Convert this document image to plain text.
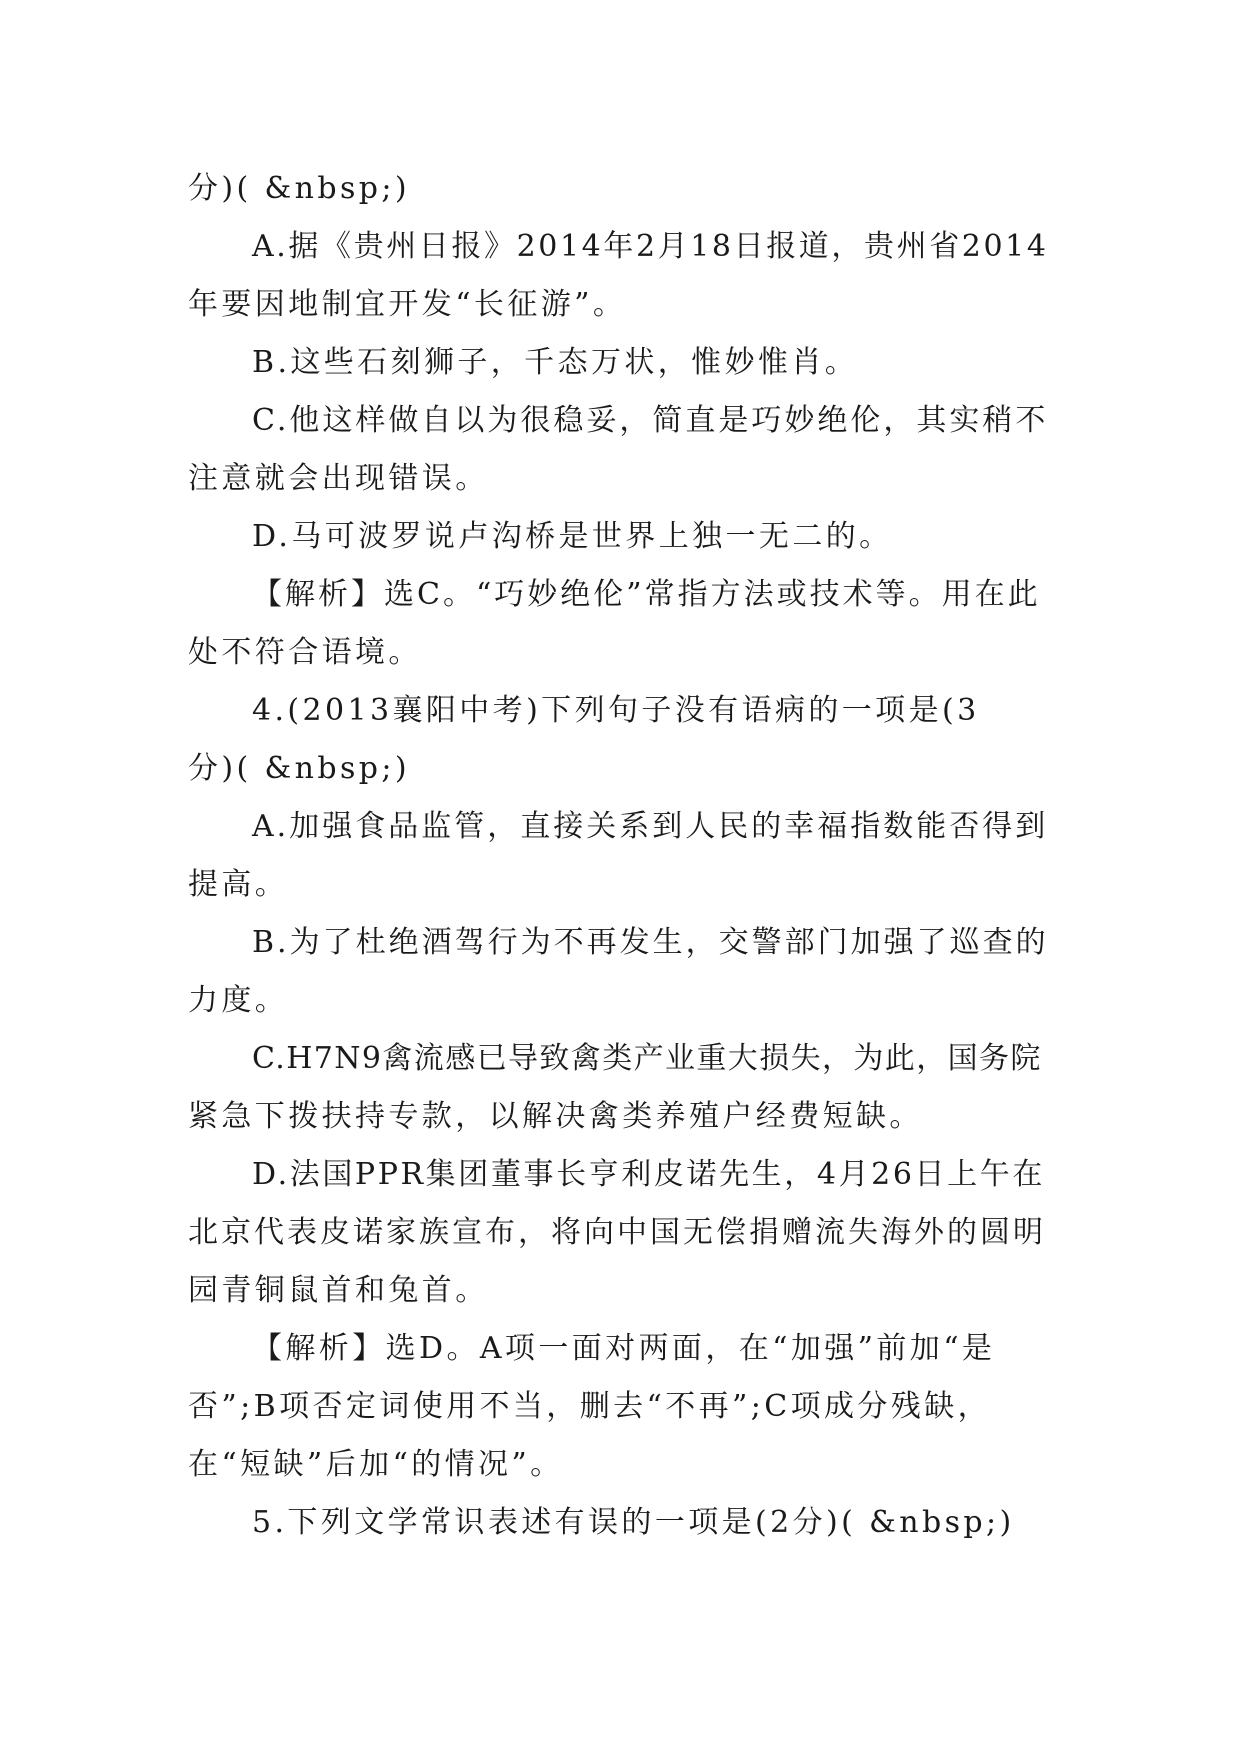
分)( &nbsp;)
A.据《贵州日报》2014年2月18日报道，贵州省2014
年要因地制宜开发“长征游”。
B.这些石刻狮子，千态万状，惟妙惟肖。
C.他这样做自以为很稳妥，简直是巧妙绝伦，其实稍不
注意就会出现错误。
D.马可波罗说卢沟桥是世界上独一无二的。
【解析】选C。“巧妙绝伦”常指方法或技术等。用在此
处不符合语境。
4.(2013襄阳中考)下列句子没有语病的一项是(3
分)( &nbsp;)
A.加强食品监管，直接关系到人民的幸福指数能否得到
提高。
B.为了杜绝酒驾行为不再发生，交警部门加强了巡查的
力度。
C.H7N9禽流感已导致禽类产业重大损失，为此，国务院
紧急下拨扶持专款，以解决禽类养殖户经费短缺。
D.法国PPR集团董事长亨利皮诺先生，4月26日上午在
北京代表皮诺家族宣布，将向中国无偿捐赠流失海外的圆明
园青铜鼠首和兔首。
【解析】选D。A项一面对两面，在“加强”前加“是
否”;B项否定词使用不当，删去“不再”;C项成分残缺，
在“短缺”后加“的情况”。
5.下列文学常识表述有误的一项是(2分)( &nbsp;)
